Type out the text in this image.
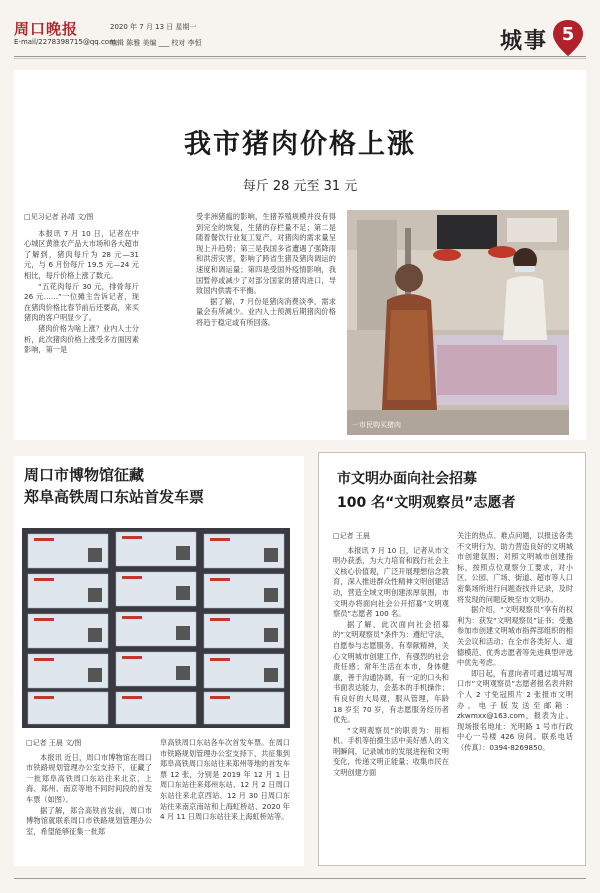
周口晚报
E-mail/2278398715@qq.com
2020 年 7 月 13 日 星期一
编辑 陈雅 美编 ___ 校对 李恒	城事 5
我市猪肉价格上涨
每斤 28 元至 31 元
□见习记者 孙靖 文/图

本报讯 7 月 10 日，记者在中心城区黄淮农产品大市场和各大超市了解到，猪肉每斤为 28 元—31 元，与 6 月份每斤 19.5 元—24 元相比，每斤价格上涨了数元。

“五花肉每斤 30 元，排骨每斤 26 元……”一位摊主告诉记者，现在猪肉价格比春节前后还要高，来买猪肉的客户明显少了。

猪肉价格为啥上涨？业内人士分析，此次猪肉价格上涨受多方面因素影响，第一是

受非洲猪瘟的影响，生猪养殖规模并没有得到完全的恢复，生猪的存栏量不足；第二是随着餐饮行业复工复产，对猪肉的需求量呈现上升趋势；第三是我国多省遭遇了强降雨和洪涝灾害，影响了跨省生猪及猪肉调运的速度和调运量；第四是受国外疫情影响，我国暂停或减少了对部分国家的猪肉进口，导致国内供需不平衡。

据了解，7 月份是猪肉消费淡季，需求量会有所减少。业内人士预测后期猪肉价格将趋于稳定或有所回落。

一市民购买猪肉
周口市博物馆征藏
郑阜高铁周口东站首发车票
□记者 王晨 文/图

本报讯 近日，周口市博物馆在周口市铁路规划管理办公室支持下，征藏了一批郑阜高铁周口东站往来北京、上海、郑州、南京等地不同时间段的首发车票（如图）。

据了解，郑合高铁首发前，周口市博物馆就联系周口市铁路规划管理办公室，希望能够征集一批郑

阜高铁周口东站各车次首发车票。在周口市铁路规划管理办公室支持下，共征集到郑阜高铁周口东站往来郑州等地的首发车票 12 张，分别是 2019 年 12 月 1 日周口东站往来郑州东站、12 月 2 日周口东站往来北京西站、12 月 30 日周口东站往来南京南站和上海虹桥站、2020 年 4 月 11 日周口东站往来上海虹桥站等。

市文明办面向社会招募
100 名“文明观察员”志愿者
□记者 王晨

本报讯 7 月 10 日，记者从市文明办获悉，为大力培育和践行社会主义核心价值观，广泛开展理想信念教育，深入推进群众性精神文明创建活动，营造全域文明创建浓厚氛围，市文明办将面向社会公开招募“文明观察员”志愿者 100 名。

据了解，此次面向社会招募的“文明观察员”条件为：遵纪守法，自愿参与志愿服务，有奉献精神，关心文明城市创建工作，有强烈的社会责任感；常年生活在本市，身体健康，善于沟通协调，有一定的口头和书面表达能力，会基本的手机操作；有良好的大局观，服从管理，年龄 18 岁至 70 岁，有志愿服务经历者优先。

“文明观察员”的职责为：用相机、手机等拍摄生活中美好感人的文明瞬间，记录城市的发展进程和文明变化，传递文明正能量；收集市民在文明创建方面

关注的热点、难点问题，以报送各类不文明行为、助力营造良好的文明城市创建氛围；对照文明城市创建指标，按照点位观察分工要求，对小区、公园、广场、街道、超市等人口密集场所进行问题查找并记录，及时将发现的问题反映至市文明办。

据介绍，“文明观察员”享有的权利为：获发“文明观察员”证书；受邀参加市创建文明城市指挥部组织的相关会议和活动；在全市各类好人、道德模范、优秀志愿者等先进典型评选中优先考虑。

即日起，有意向者可通过填写周口市“文明观察员”志愿者报名表并附个人 2 寸免冠照片 2 张报市文明办。电子版发送至邮箱：zkwmxx@163.com，报表为止。现场报名地址：光明路 1 号市行政中心一号楼 426 房间。联系电话（传真）：0394-8269850。
